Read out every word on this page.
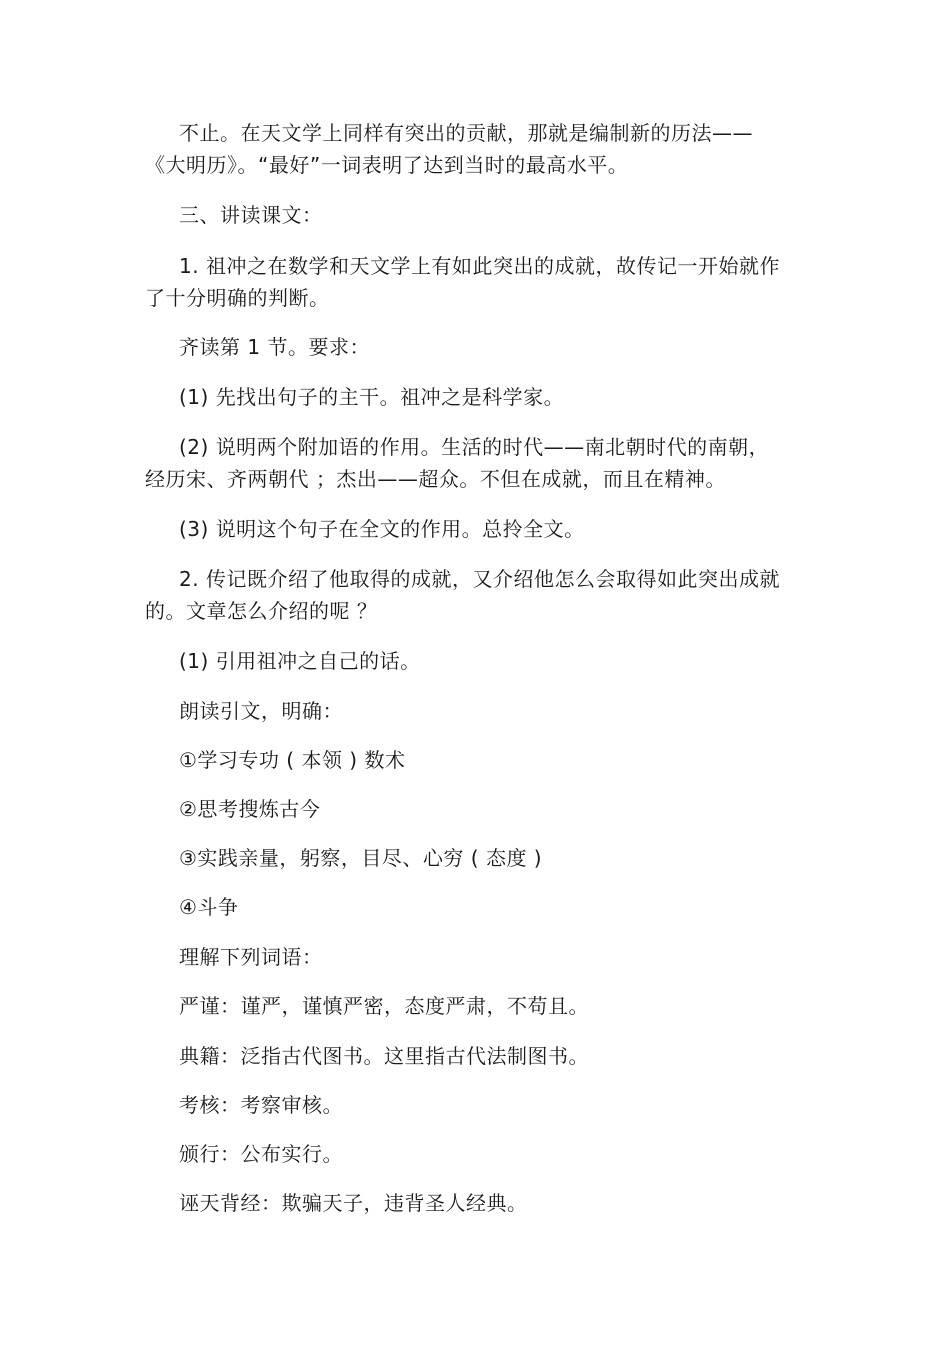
不止。在天文学上同样有突出的贡献，那就是编制新的历法——《大明历》。“最好”一词表明了达到当时的最高水平。

三、讲读课文：

1. 祖冲之在数学和天文学上有如此突出的成就，故传记一开始就作了十分明确的判断。

齐读第 1 节。要求：

(1) 先找出句子的主干。祖冲之是科学家。

(2) 说明两个附加语的作用。生活的时代——南北朝时代的南朝，经历宋、齐两朝代 ；杰出——超众。不但在成就，而且在精神。

(3) 说明这个句子在全文的作用。总拎全文。

2. 传记既介绍了他取得的成就，又介绍他怎么会取得如此突出成就的。文章怎么介绍的呢 ？

(1) 引用祖冲之自己的话。

朗读引文，明确：

①学习专功 ( 本领 ) 数术

②思考搜炼古今

③实践亲量，躬察，目尽、心穷 ( 态度 )

④斗争

理解下列词语：

严谨：谨严，谨慎严密，态度严肃，不苟且。

典籍：泛指古代图书。这里指古代法制图书。

考核：考察审核。

颁行：公布实行。

诬天背经：欺骗天子，违背圣人经典。
